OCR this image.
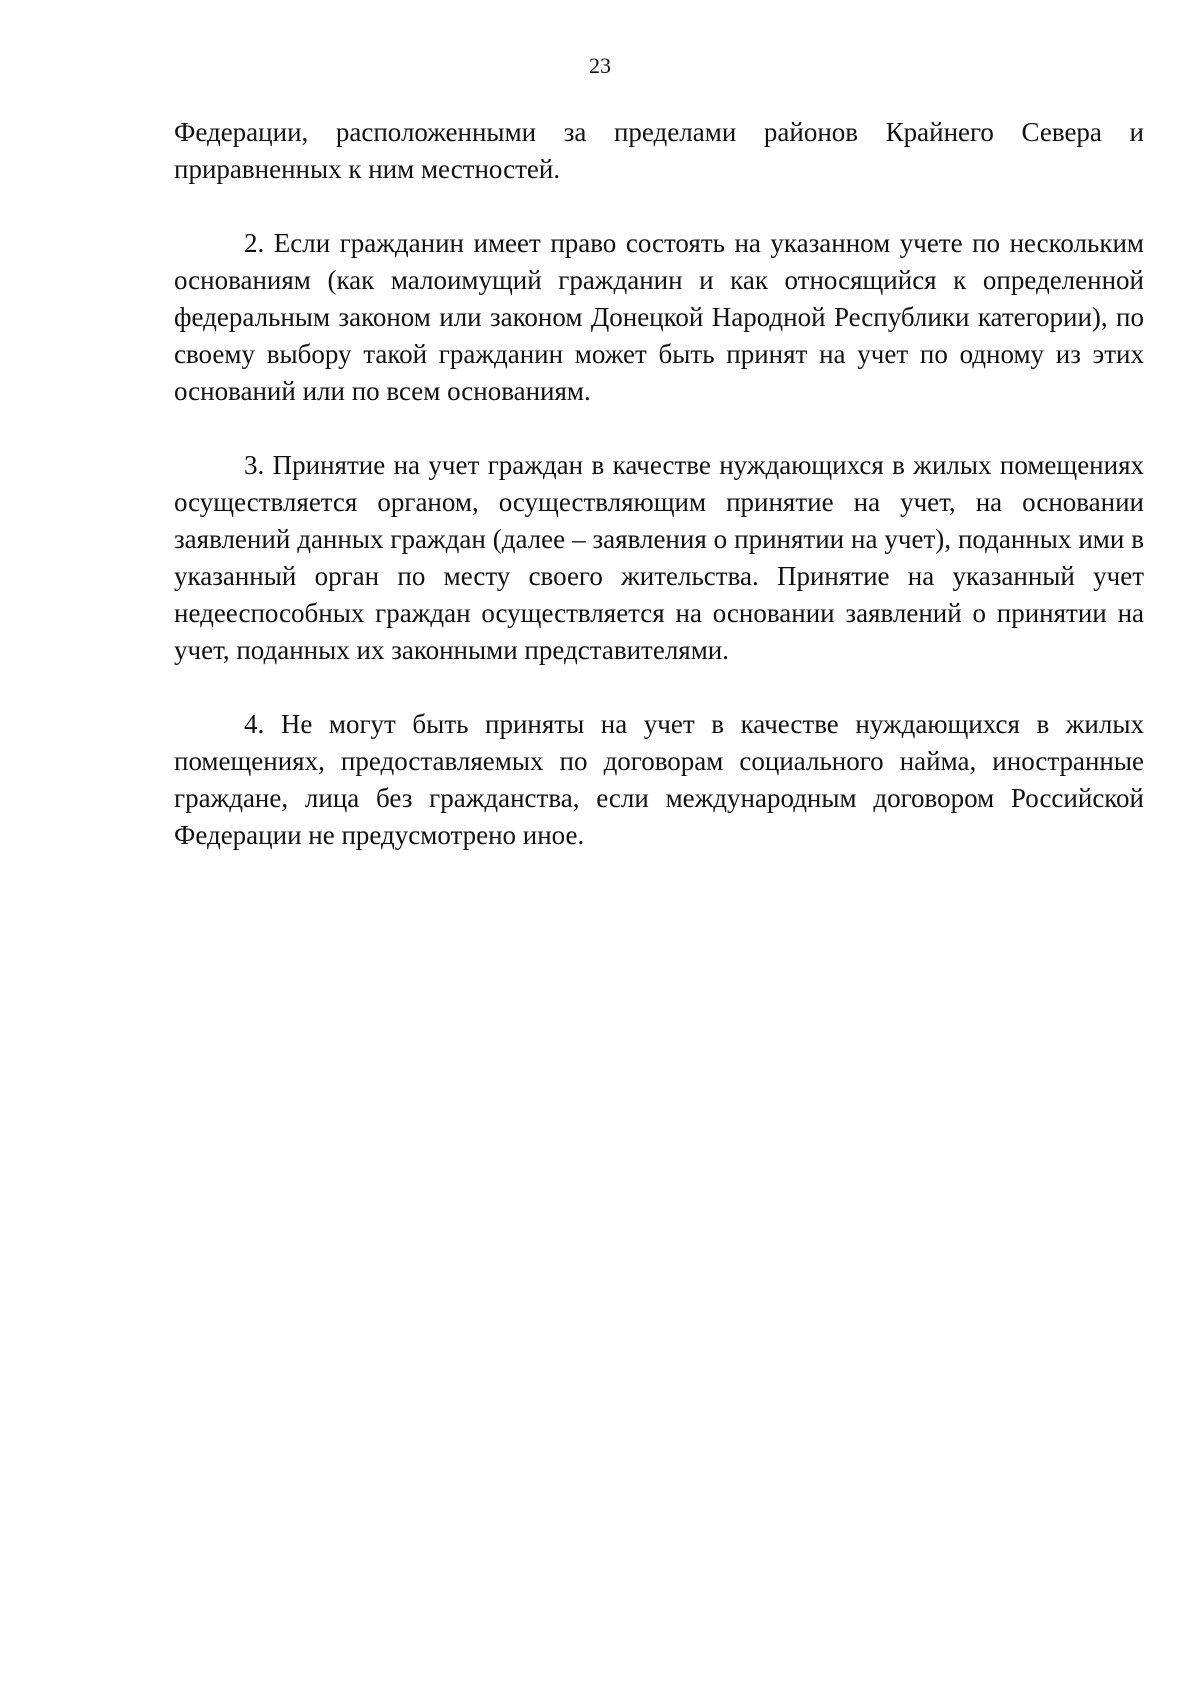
23

Федерации, расположенными за пределами районов Крайнего Севера и приравненных к ним местностей.

2. Если гражданин имеет право состоять на указанном учете по нескольким основаниям (как малоимущий гражданин и как относящийся к определенной федеральным законом или законом Донецкой Народной Республики категории), по своему выбору такой гражданин может быть принят на учет по одному из этих оснований или по всем основаниям.

3. Принятие на учет граждан в качестве нуждающихся в жилых помещениях осуществляется органом, осуществляющим принятие на учет, на основании заявлений данных граждан (далее – заявления о принятии на учет), поданных ими в указанный орган по месту своего жительства. Принятие на указанный учет недееспособных граждан осуществляется на основании заявлений о принятии на учет, поданных их законными представителями.

4. Не могут быть приняты на учет в качестве нуждающихся в жилых помещениях, предоставляемых по договорам социального найма, иностранные граждане, лица без гражданства, если международным договором Российской Федерации не предусмотрено иное.
